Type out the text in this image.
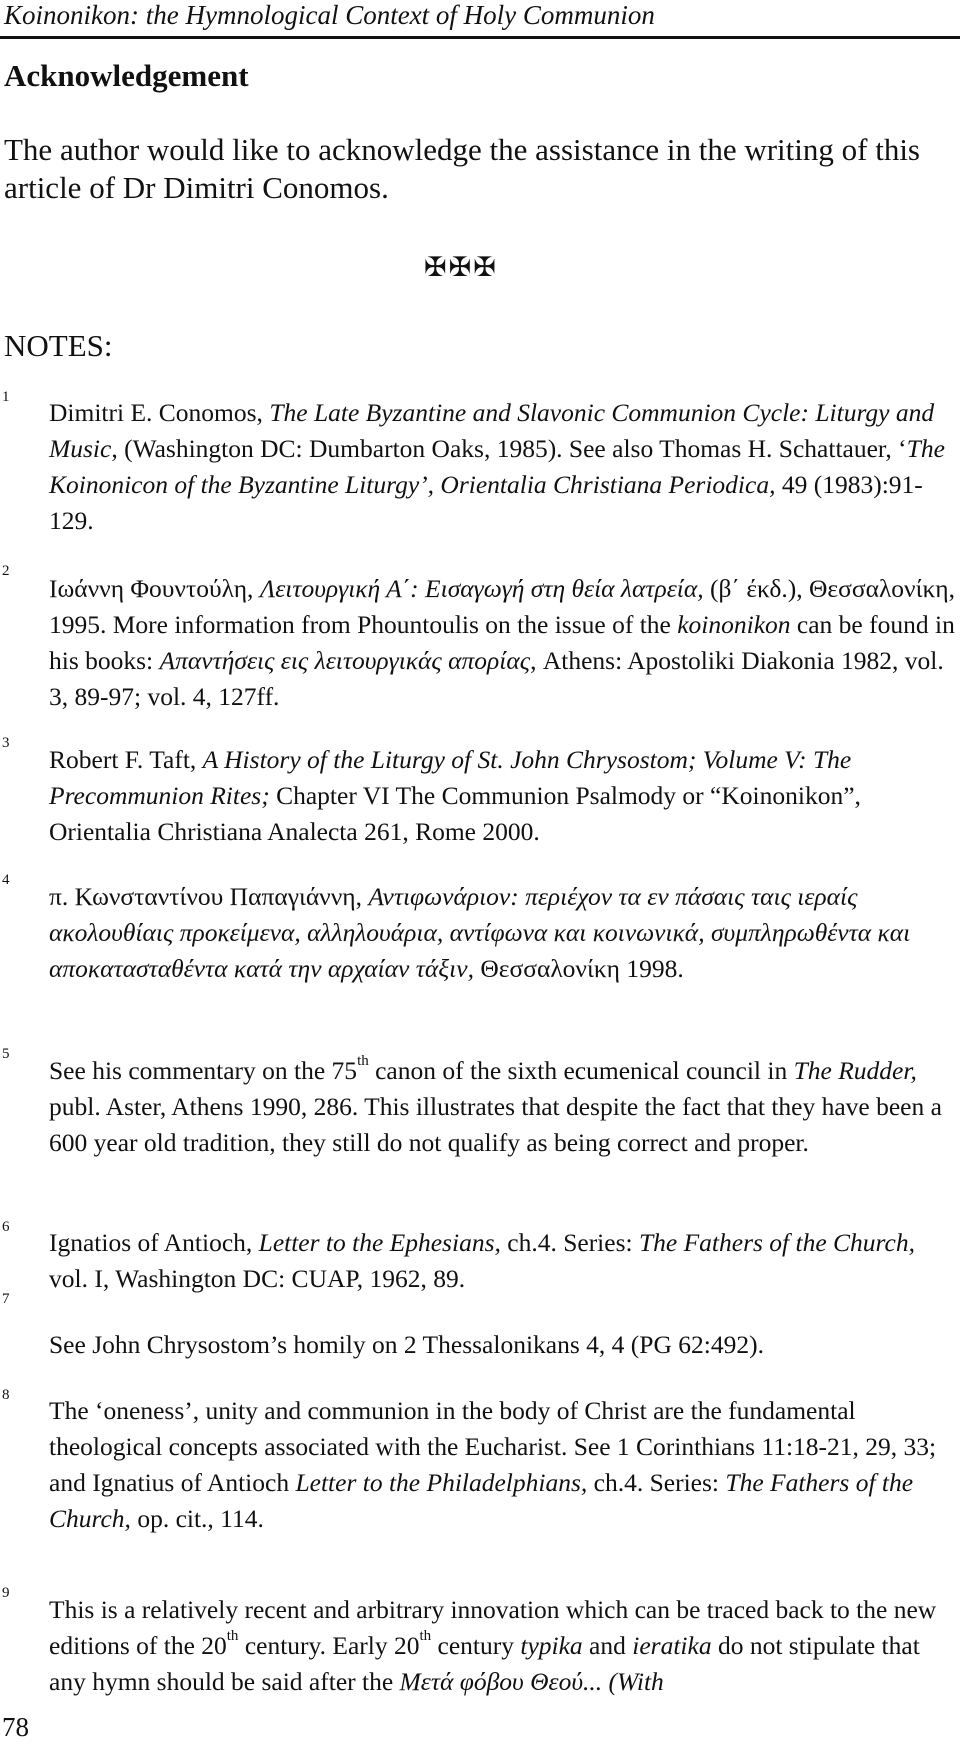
Koinonikon: the Hymnological Context of Holy Communion
Acknowledgement
The author would like to acknowledge the assistance in the writing of this article of Dr Dimitri Conomos.
✠✠✠
NOTES:
1
Dimitri E. Conomos, The Late Byzantine and Slavonic Communion Cycle: Liturgy and Music, (Washington DC: Dumbarton Oaks, 1985). See also Thomas H. Schattauer, ‘The Koinonicon of the Byzantine Liturgy’, Orientalia Christiana Periodica, 49 (1983):91-129.
2
Ιωάννη Φουντούλη, Λειτουργική Α΄: Εισαγωγή στη θεία λατρεία, (β΄ έκδ.), Θεσσαλονίκη, 1995. More information from Phountoulis on the issue of the koinonikon can be found in his books: Απαντήσεις εις λειτουργικάς απορίας, Athens: Apostoliki Diakonia 1982, vol. 3, 89-97; vol. 4, 127ff.
3
Robert F. Taft, A History of the Liturgy of St. John Chrysostom; Volume V: The Precommunion Rites; Chapter VI The Communion Psalmody or “Koinonikon”, Orientalia Christiana Analecta 261, Rome 2000.
4
π. Κωνσταντίνου Παπαγιάννη, Αντιφωνάριον: περιέχον τα εν πάσαις ταις ιεραίς ακολουθίαις προκείμενα, αλληλουάρια, αντίφωνα και κοινωνικά, συμπληρωθέντα και αποκατασταθέντα κατά την αρχαίαν τάξιν, Θεσσαλονίκη 1998.
5
See his commentary on the 75th canon of the sixth ecumenical council in The Rudder, publ. Aster, Athens 1990, 286. This illustrates that despite the fact that they have been a 600 year old tradition, they still do not qualify as being correct and proper.
6
Ignatios of Antioch, Letter to the Ephesians, ch.4. Series: The Fathers of the Church, vol. I, Washington DC: CUAP, 1962, 89.
7
See John Chrysostom’s homily on 2 Thessalonikans 4, 4 (PG 62:492).
8
The ‘oneness’, unity and communion in the body of Christ are the fundamental theological concepts associated with the Eucharist. See 1 Corinthians 11:18-21, 29, 33; and Ignatius of Antioch Letter to the Philadelphians, ch.4. Series: The Fathers of the Church, op. cit., 114.
9
This is a relatively recent and arbitrary innovation which can be traced back to the new editions of the 20th century. Early 20th century typika and ieratika do not stipulate that any hymn should be said after the Μετά φόβου Θεού... (With
78
